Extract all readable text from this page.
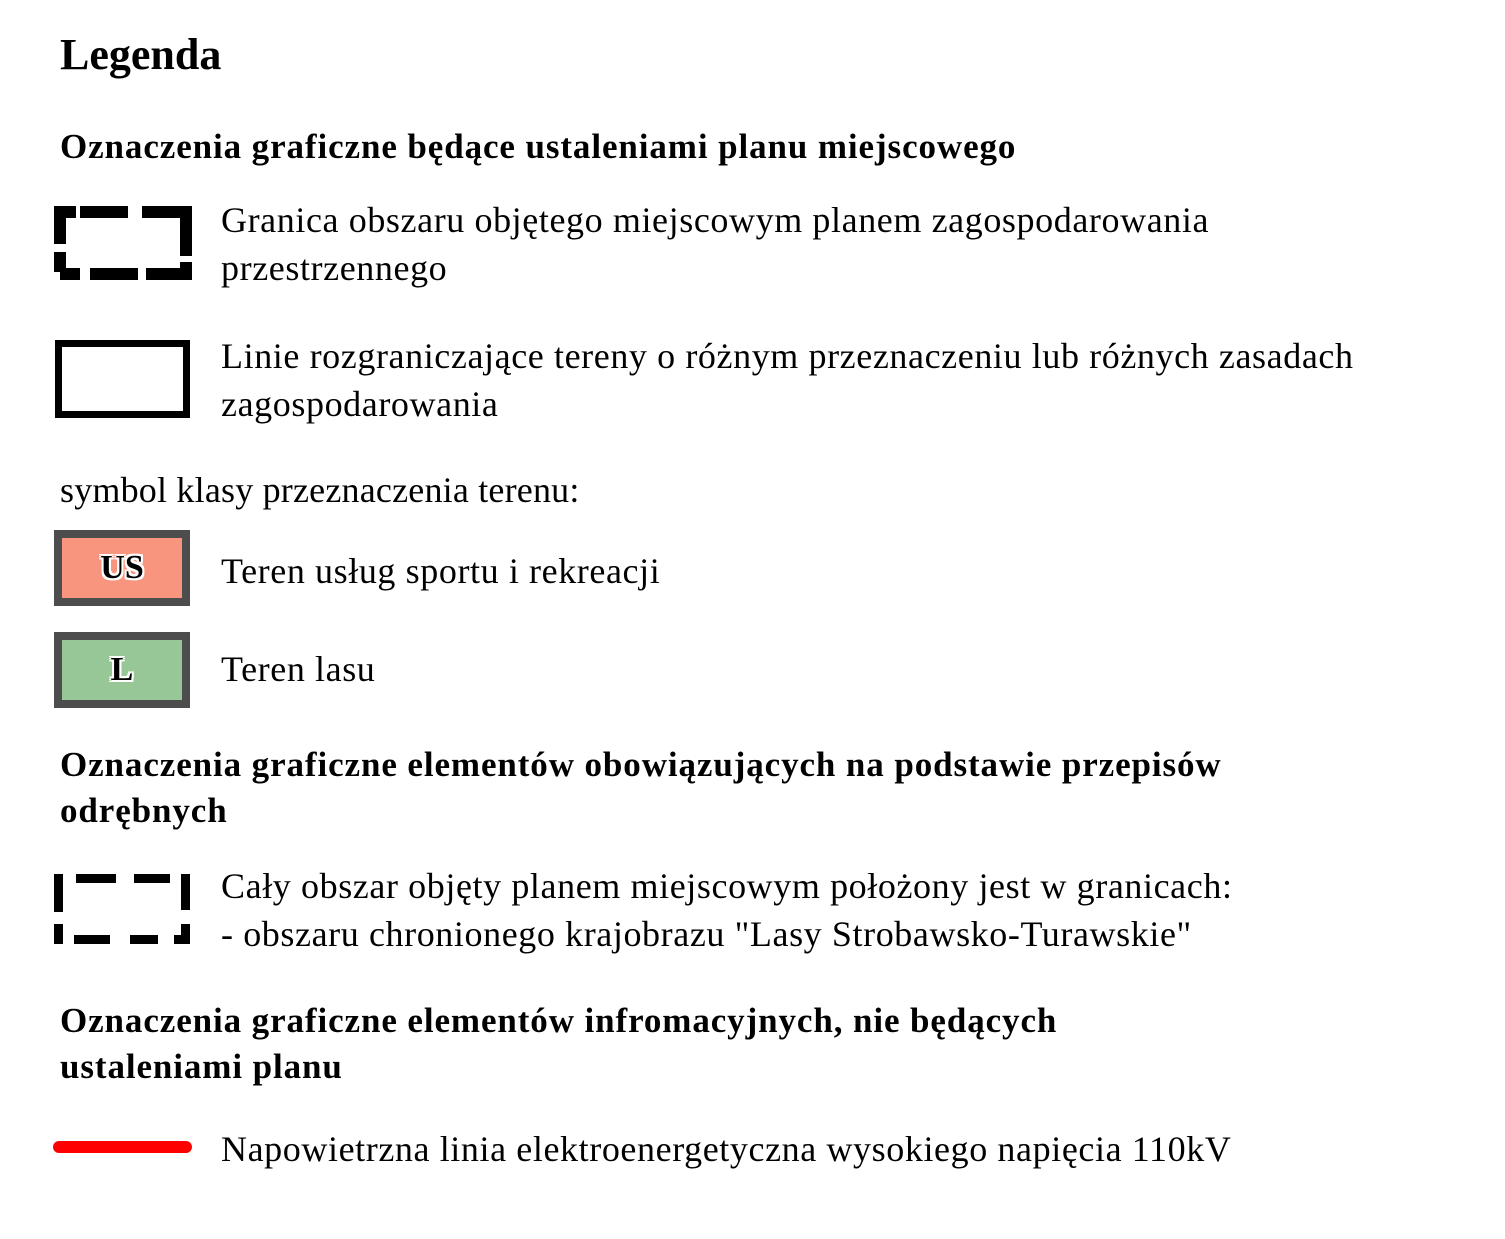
Legenda
Oznaczenia graficzne będące ustaleniami planu miejscowego
Granica obszaru objętego miejscowym planem zagospodarowania
przestrzennego
Linie rozgraniczające tereny o różnym przeznaczeniu lub różnych zasadach
zagospodarowania
symbol klasy przeznaczenia terenu:
US Teren usług sportu i rekreacji
L Teren lasu
Oznaczenia graficzne elementów obowiązujących na podstawie przepisów
odrębnych
Cały obszar objęty planem miejscowym położony jest w granicach:
- obszaru chronionego krajobrazu "Lasy Strobawsko-Turawskie"
Oznaczenia graficzne elementów infromacyjnych, nie będących
ustaleniami planu
Napowietrzna linia elektroenergetyczna wysokiego napięcia 110kV
